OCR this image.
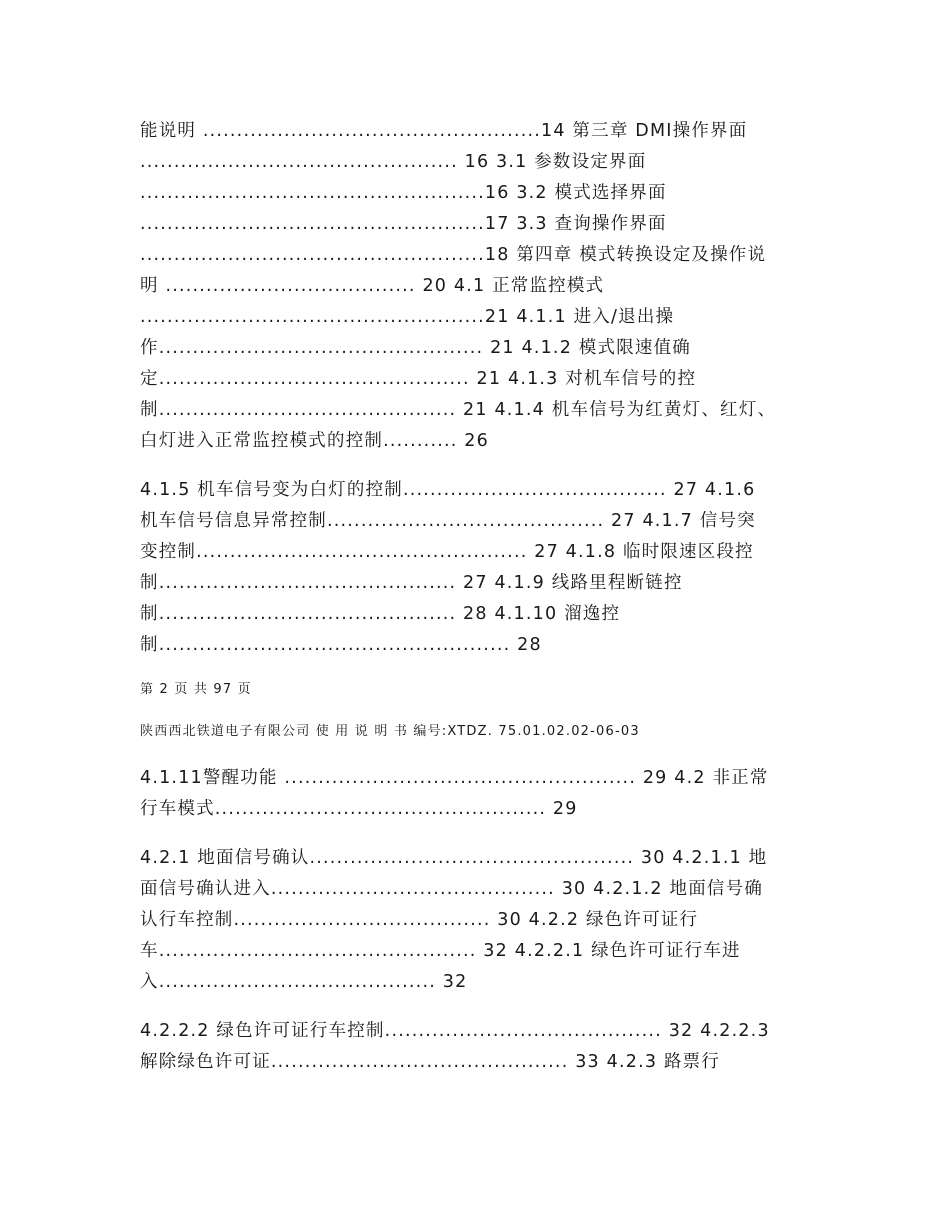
能说明 ..................................................14 第三章 DMI操作界面
............................................... 16 3.1 参数设定界面
...................................................16 3.2 模式选择界面
...................................................17 3.3 查询操作界面
...................................................18 第四章 模式转换设定及操作说
明 ..................................... 20 4.1 正常监控模式
...................................................21 4.1.1 进入/退出操
作................................................ 21 4.1.2 模式限速值确
定.............................................. 21 4.1.3 对机车信号的控
制............................................ 21 4.1.4 机车信号为红黄灯、红灯、
白灯进入正常监控模式的控制........... 26
4.1.5 机车信号变为白灯的控制....................................... 27 4.1.6
机车信号信息异常控制......................................... 27 4.1.7 信号突
变控制................................................. 27 4.1.8 临时限速区段控
制............................................ 27 4.1.9 线路里程断链控
制............................................ 28 4.1.10 溜逸控
制.................................................... 28
第 2 页 共 97 页
陕西西北铁道电子有限公司 使 用 说 明 书 编号:XTDZ. 75.01.02.02-06-03
4.1.11警醒功能 .................................................... 29 4.2 非正常
行车模式................................................. 29
4.2.1 地面信号确认................................................ 30 4.2.1.1 地
面信号确认进入.......................................... 30 4.2.1.2 地面信号确
认行车控制...................................... 30 4.2.2 绿色许可证行
车............................................... 32 4.2.2.1 绿色许可证行车进
入......................................... 32
4.2.2.2 绿色许可证行车控制......................................... 32 4.2.2.3
解除绿色许可证............................................ 33 4.2.3 路票行
